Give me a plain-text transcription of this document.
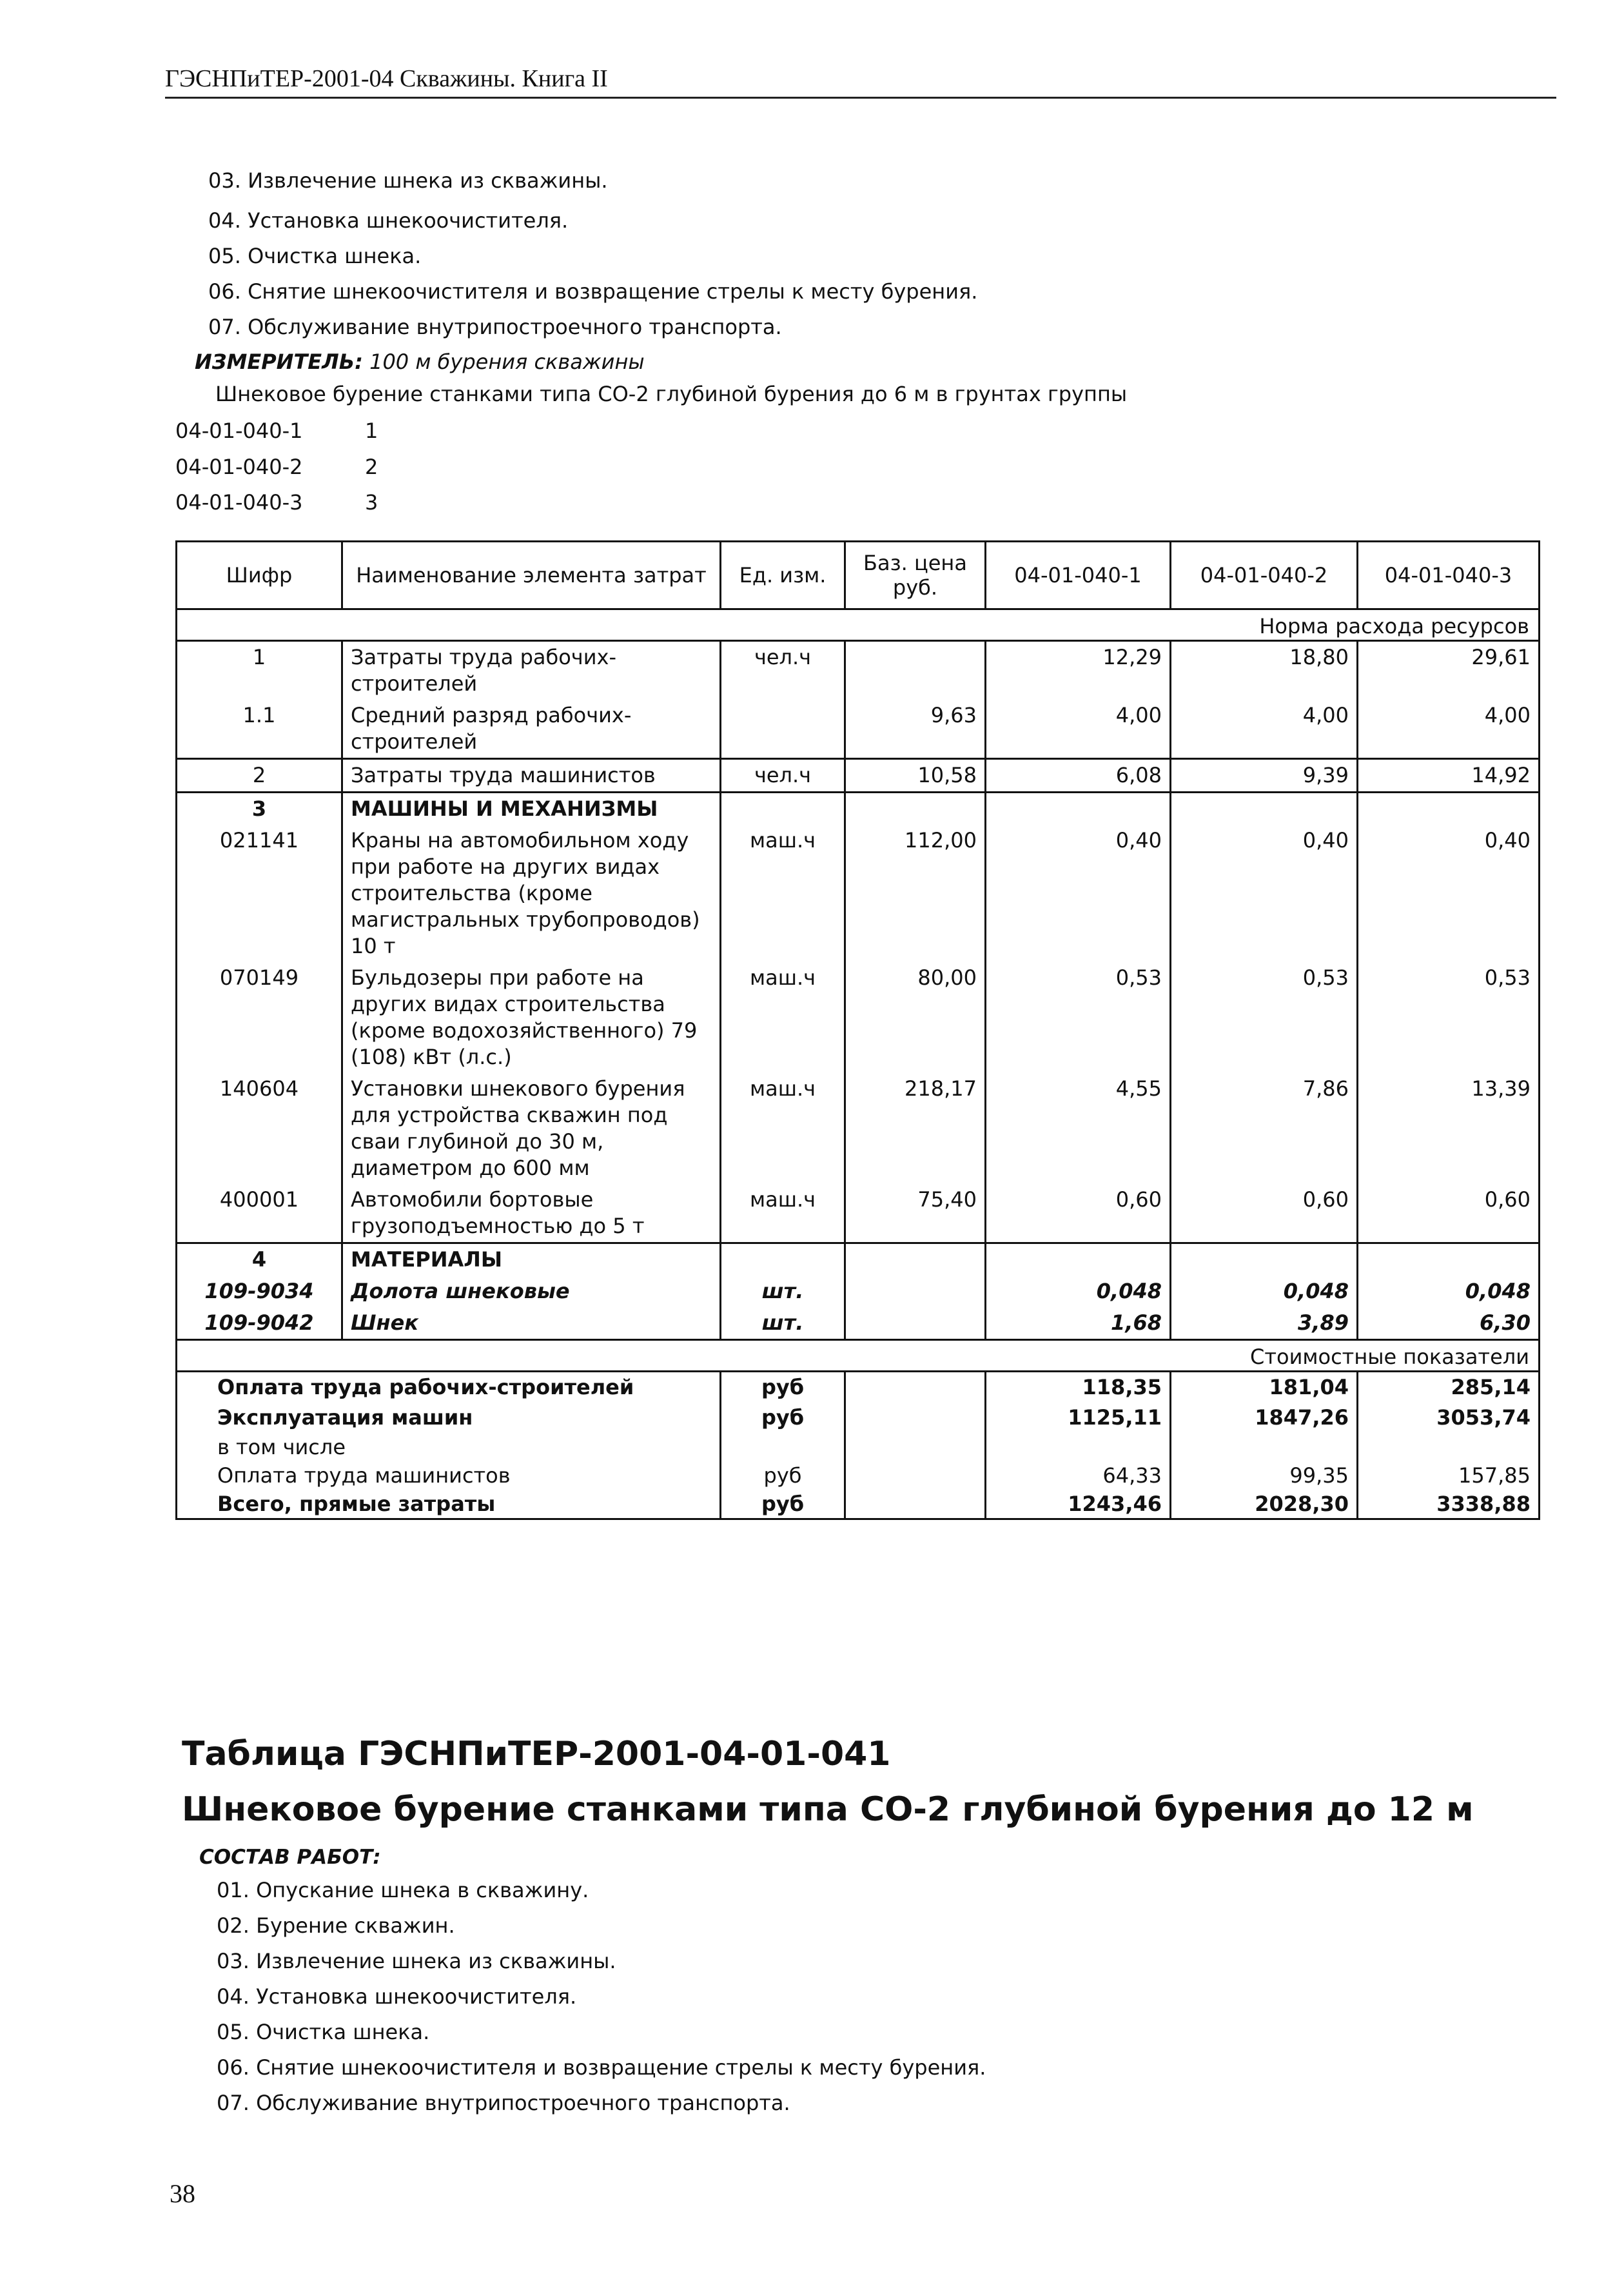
ГЭСНПиТЕР-2001-04 Скважины. Книга II
03. Извлечение шнека из скважины.
04. Установка шнекоочистителя.
05. Очистка шнека.
06. Снятие шнекоочистителя и возвращение стрелы к месту бурения.
07. Обслуживание внутрипостроечного транспорта.
ИЗМЕРИТЕЛЬ: 100 м бурения скважины
Шнековое бурение станками типа СО-2 глубиной бурения до 6 м в грунтах группы
04-01-040-1	1
04-01-040-2	2
04-01-040-3	3
Шифр	Наименование элемента затрат	Ед. изм.	Баз. цена руб.	04-01-040-1	04-01-040-2	04-01-040-3
Норма расхода ресурсов						
1	Затраты труда рабочих-строителей	чел.ч		12,29	18,80	29,61
1.1	Средний разряд рабочих-строителей		9,63	4,00	4,00	4,00
2	Затраты труда машинистов	чел.ч	10,58	6,08	9,39	14,92
3	МАШИНЫ И МЕХАНИЗМЫ					
021141	Краны на автомобильном ходу при работе на других видах строительства (кроме магистральных трубопроводов) 10 т	маш.ч	112,00	0,40	0,40	0,40
070149	Бульдозеры при работе на других видах строительства (кроме водохозяйственного) 79 (108) кВт (л.с.)	маш.ч	80,00	0,53	0,53	0,53
140604	Установки шнекового бурения для устройства скважин под сваи глубиной до 30 м, диаметром до 600 мм	маш.ч	218,17	4,55	7,86	13,39
400001	Автомобили бортовые грузоподъемностью до 5 т	маш.ч	75,40	0,60	0,60	0,60
4	МАТЕРИАЛЫ					
109-9034	Долота шнековые	шт.		0,048	0,048	0,048
109-9042	Шнек	шт.		1,68	3,89	6,30
Стоимостные показатели						
Оплата труда рабочих-строителей		руб		118,35	181,04	285,14
Эксплуатация машин		руб		1125,11	1847,26	3053,74
в том числе						
Оплата труда машинистов		руб		64,33	99,35	157,85
Всего, прямые затраты		руб		1243,46	2028,30	3338,88
Таблица ГЭСНПиТЕР-2001-04-01-041
Шнековое бурение станками типа СО-2 глубиной бурения до 12 м
СОСТАВ РАБОТ:
01. Опускание шнека в скважину.
02. Бурение скважин.
03. Извлечение шнека из скважины.
04. Установка шнекоочистителя.
05. Очистка шнека.
06. Снятие шнекоочистителя и возвращение стрелы к месту бурения.
07. Обслуживание внутрипостроечного транспорта.
38
